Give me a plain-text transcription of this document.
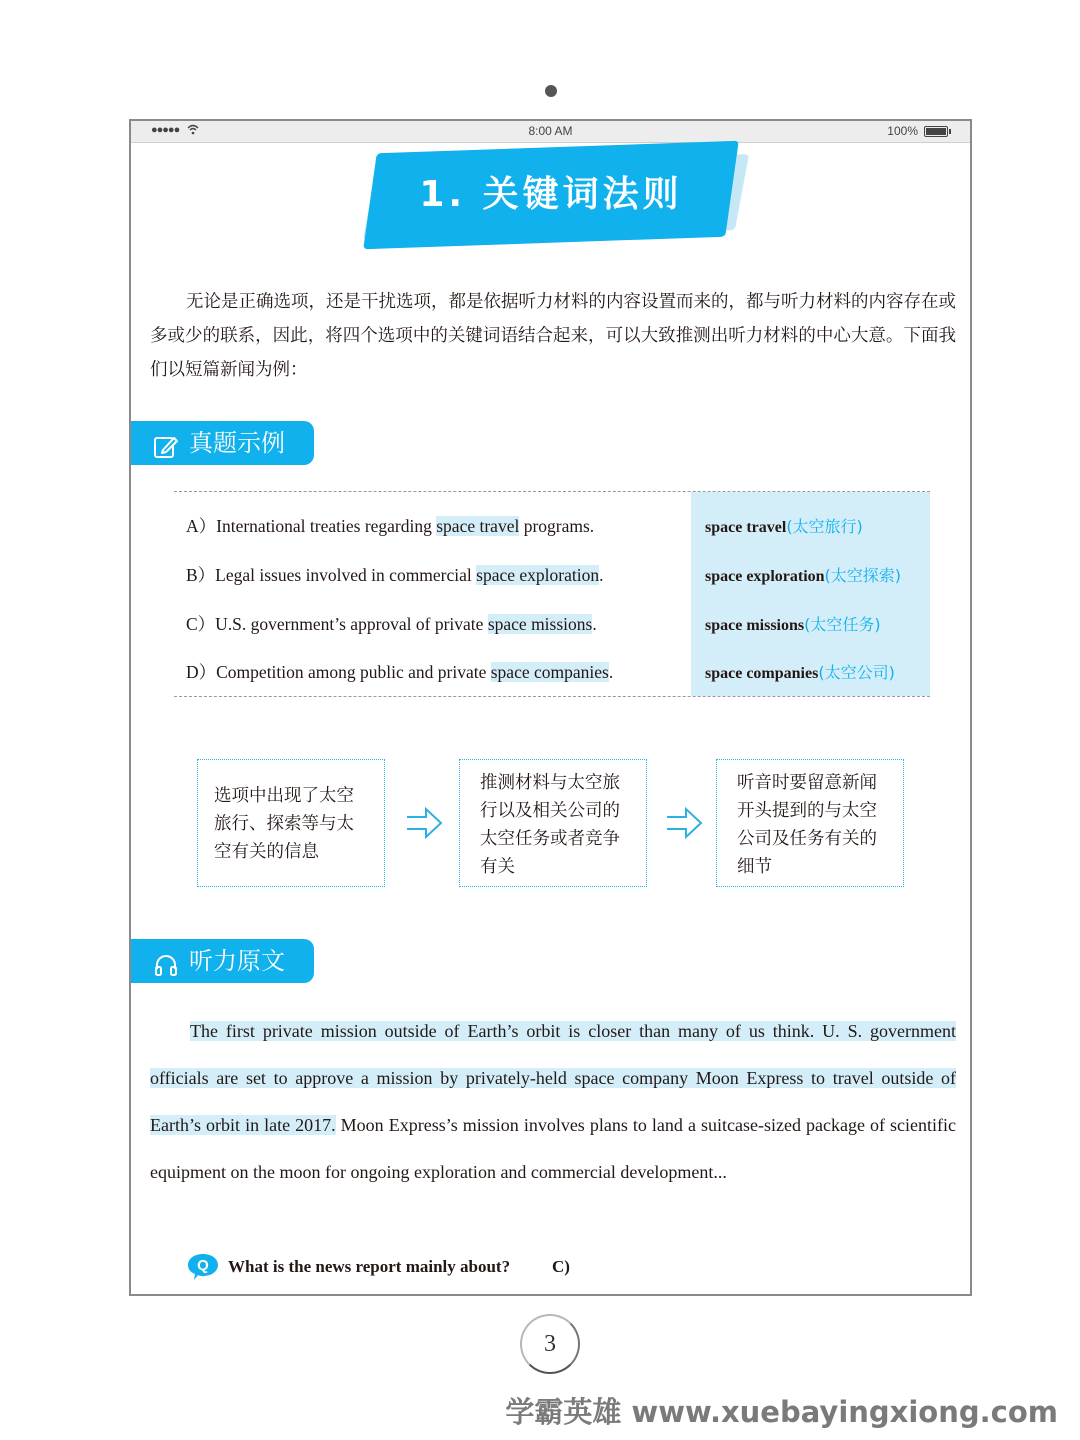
●●●●●	8:00 AM	100%
1. 关键词法则

无论是正确选项，还是干扰选项，都是依据听力材料的内容设置而来的，都与听力材料的内容存在或多或少的联系，因此，将四个选项中的关键词语结合起来，可以大致推测出听力材料的中心大意。下面我们以短篇新闻为例：

真题示例
A）International treaties regarding space travel programs.
B）Legal issues involved in commercial space exploration.
C）U.S. government’s approval of private space missions.
D）Competition among public and private space companies.
space travel(太空旅行)
space exploration(太空探索)
space missions(太空任务)
space companies(太空公司)
选项中出现了太空
旅行、探索等与太
空有关的信息
推测材料与太空旅
行以及相关公司的
太空任务或者竞争
有关
听音时要留意新闻
开头提到的与太空
公司及任务有关的
细节
听力原文

The first private mission outside of Earth’s orbit is closer than many of us think. U. S. government officials are set to approve a mission by privately-held space company Moon Express to travel outside of Earth’s orbit in late 2017. Moon Express’s mission involves plans to land a suitcase-sized package of scientific equipment on the moon for ongoing exploration and commercial development...

Q What is the news report mainly about? C)
3
学霸英雄 www.xuebayingxiong.com
